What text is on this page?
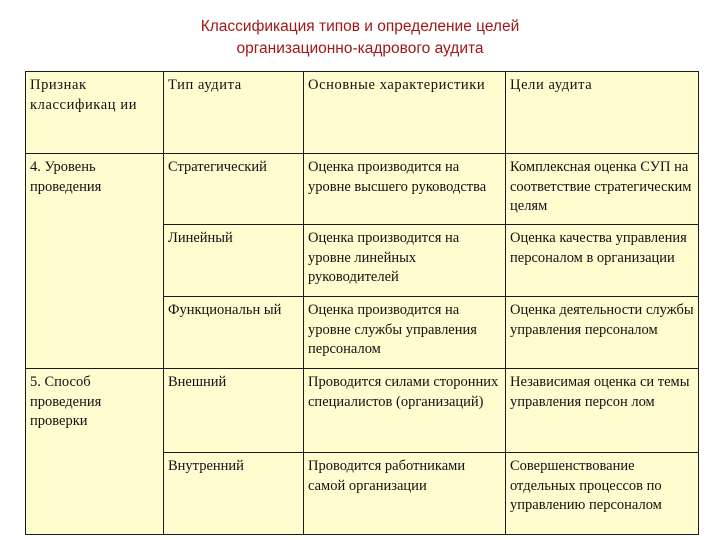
Классификация типов и определение целей
организационно-кадрового аудита
Признак классификац ии	Тип аудита	Основные характеристики	Цели аудита
4. Уровень проведения	Стратегический	Оценка производится на уровне высшего руководства	Комплексная оценка СУП на соответствие стратегическим целям
	Линейный	Оценка производится на уровне линейных руководителей	Оценка качества управления персоналом в организации
	Функциональн ый	Оценка производится на уровне службы управления персоналом	Оценка деятельности службы управления персоналом
5. Способ проведения проверки	Внешний	Проводится силами сторонних специалистов (организаций)	Независимая оценка си темы управления персон лом
	Внутренний	Проводится работниками самой организации	Совершенствование отдельных процессов по управлению персоналом
